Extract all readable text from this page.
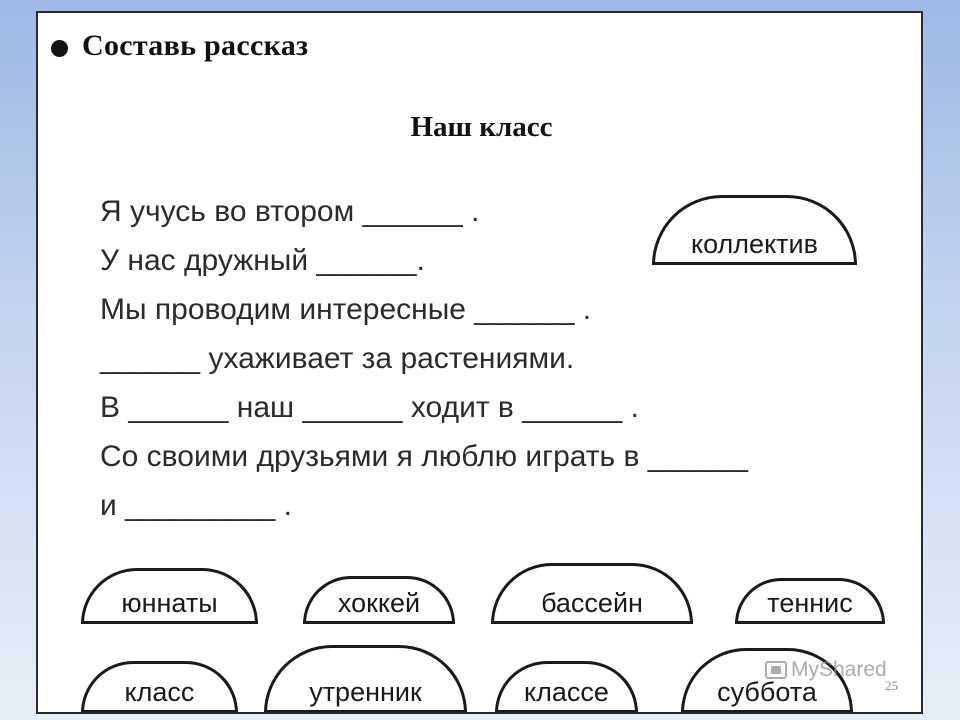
Составь рассказ
Наш класс
Я учусь во втором ______ .
У нас дружный ______.
Мы проводим интересные ______ .
______ ухаживает за растениями.
В ______ наш ______ ходит в ______ .
Со своими друзьями я люблю играть в ______
и _________ .
коллектив
юннаты	хоккей	бассейн	теннис
класс	утренник	классе	суббота
MyShared
25
